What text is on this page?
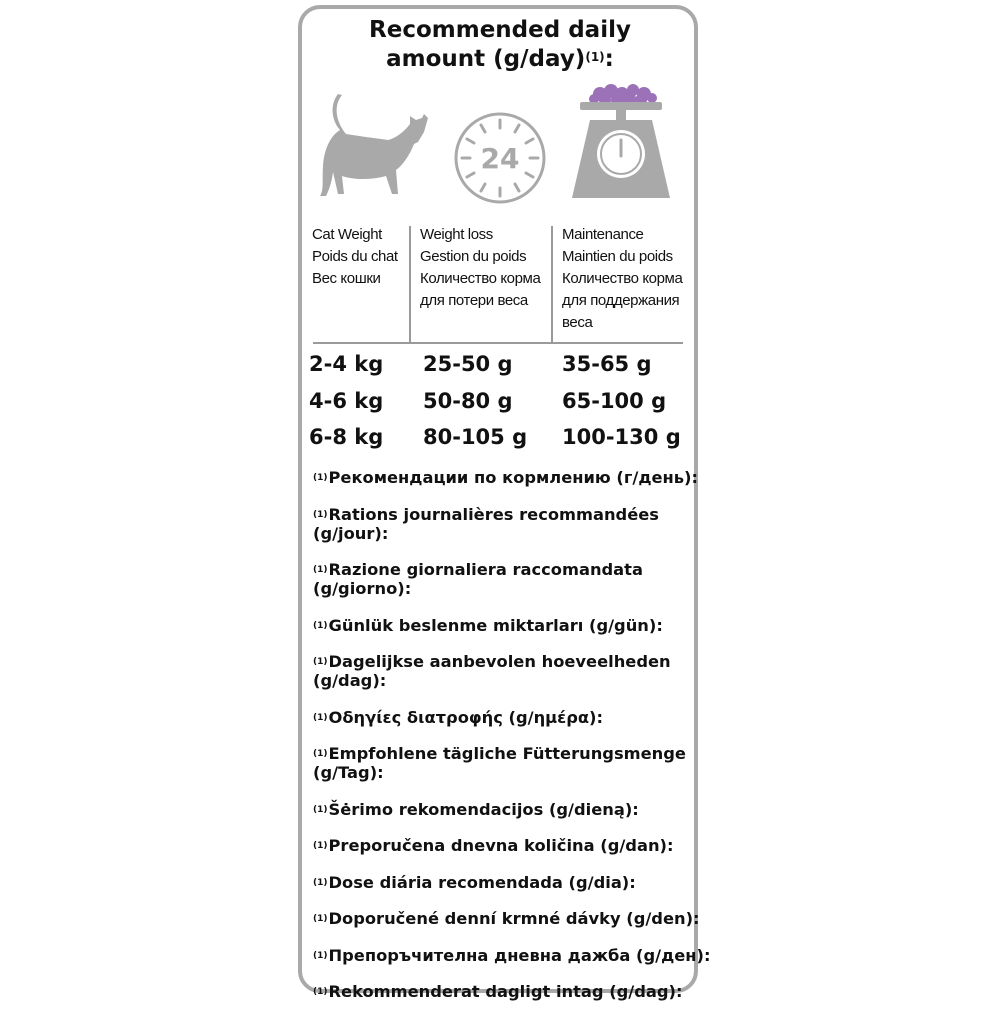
Recommended daily
amount $(g/day)^{(1)}$:
24
Cat Weight
Poids du chat
Вес кошки
Weight loss
Gestion du poids
Количество корма
для потери веса
Maintenance
Maintien du poids
Количество корма
для поддержания
веса
2-4 kg 25-50 g 35-65 g
4-6 kg 50-80 g 65-100 g
6-8 kg 80-105 g 100-130 g
$^{(1)}$Рекомендации по кормлению (г/день):
$^{(1)}$Rations journalières recommandées
(g/jour):
$^{(1)}$Razione giornaliera raccomandata
(g/giorno):
$^{(1)}$Günlük beslenme miktarları (g/gün):
$^{(1)}$Dagelijkse aanbevolen hoeveelheden
(g/dag):
$^{(1)}$Οδηγίες διατροφής (g/ημέρα):
$^{(1)}$Empfohlene tägliche Fütterungsmenge
(g/Tag):
$^{(1)}$Šėrimo rekomendacijos (g/dieną):
$^{(1)}$Preporučena dnevna količina (g/dan):
$^{(1)}$Dose diária recomendada (g/dia):
$^{(1)}$Doporučené denní krmné dávky (g/den):
$^{(1)}$Препоръчителна дневна дажба (g/ден):
$^{(1)}$Rekommenderat dagligt intag (g/dag):
